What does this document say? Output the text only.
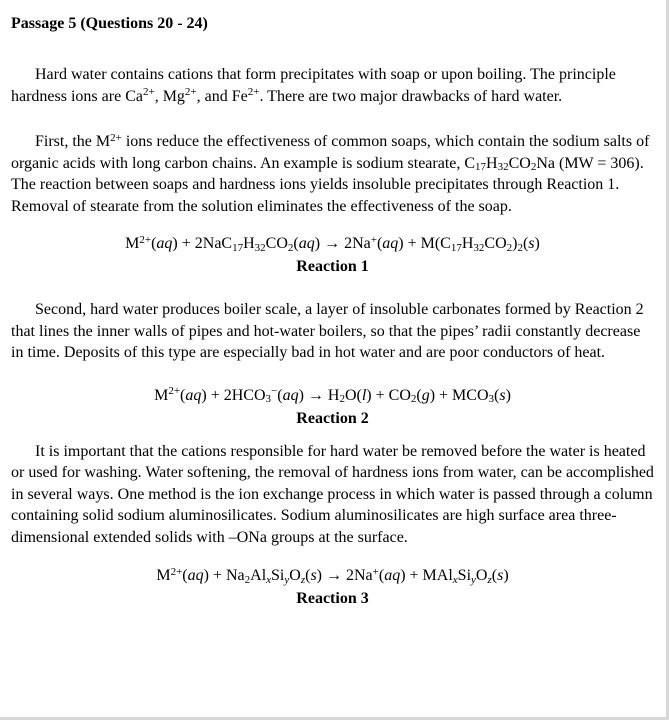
Passage 5 (Questions 20 - 24)

Hard water contains cations that form precipitates with soap or upon boiling. The principle hardness ions are $Ca^{2+}$, $Mg^{2+}$, and $Fe^{2+}$. There are two major drawbacks of hard water.

First, the $M^{2+}$ ions reduce the effectiveness of common soaps, which contain the sodium salts of organic acids with long carbon chains. An example is sodium stearate, $C_{17}H_{32}CO_2Na$ (MW = 306). The reaction between soaps and hardness ions yields insoluble precipitates through Reaction 1. Removal of stearate from the solution eliminates the effectiveness of the soap.

$M^{2+}(aq) + 2NaC_{17}H_{32}CO_2(aq) \to 2Na^+(aq) + M(C_{17}H_{32}CO_2)_2(s)$
Reaction 1

Second, hard water produces boiler scale, a layer of insoluble carbonates formed by Reaction 2 that lines the inner walls of pipes and hot-water boilers, so that the pipes’ radii constantly decrease in time. Deposits of this type are especially bad in hot water and are poor conductors of heat.

$M^{2+}(aq) + 2HCO_3^-(aq) \to H_2O(l) + CO_2(g) + MCO_3(s)$
Reaction 2

It is important that the cations responsible for hard water be removed before the water is heated or used for washing. Water softening, the removal of hardness ions from water, can be accomplished in several ways. One method is the ion exchange process in which water is passed through a column containing solid sodium aluminosilicates. Sodium aluminosilicates are high surface area three-dimensional extended solids with –ONa groups at the surface.

$M^{2+}(aq) + Na_2Al_xSi_yO_z(s) \to 2Na^+(aq) + MAl_xSi_yO_z(s)$
Reaction 3
